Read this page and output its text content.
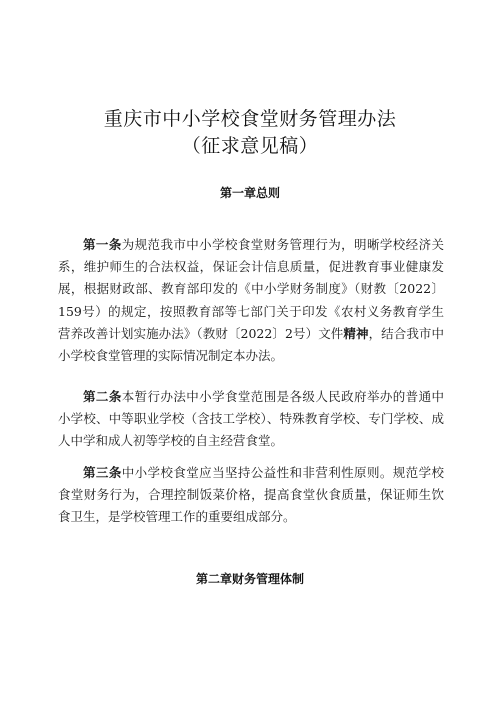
重庆市中小学校食堂财务管理办法
（征求意见稿）
第一章总则

第一条为规范我市中小学校食堂财务管理行为，明晰学校经济关系，维护师生的合法权益，保证会计信息质量，促进教育事业健康发展，根据财政部、教育部印发的《中小学财务制度》（财教〔2022〕159号）的规定，按照教育部等七部门关于印发《农村义务教育学生营养改善计划实施办法》（教财〔2022〕2号）文件精神，结合我市中小学校食堂管理的实际情况制定本办法。

第二条本暂行办法中小学食堂范围是各级人民政府举办的普通中小学校、中等职业学校（含技工学校）、特殊教育学校、专门学校、成人中学和成人初等学校的自主经营食堂。

第三条中小学校食堂应当坚持公益性和非营利性原则。规范学校食堂财务行为，合理控制饭菜价格，提高食堂伙食质量，保证师生饮食卫生，是学校管理工作的重要组成部分。

第二章财务管理体制
